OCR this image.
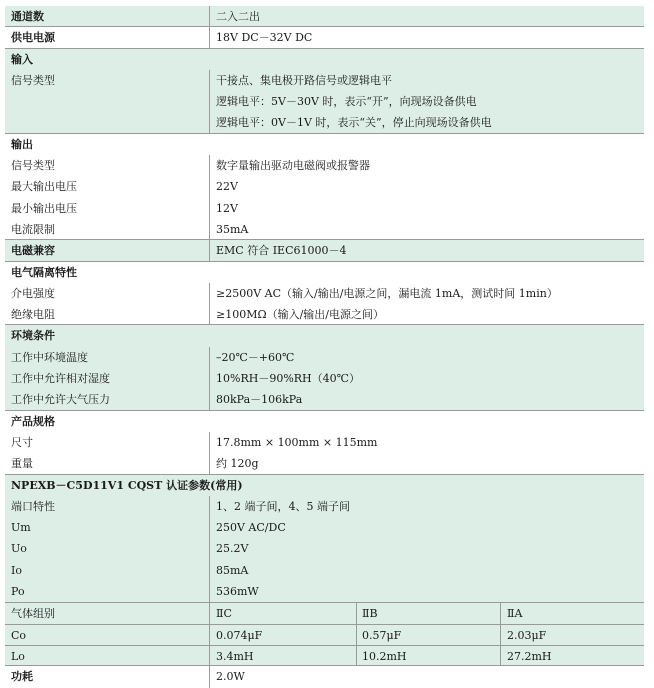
通道数	二入二出
供电电源	18V DC－32V DC
输入
信号类型	干接点、集电极开路信号或逻辑电平
逻辑电平：5V－30V 时，表示“开”，向现场设备供电
逻辑电平：0V－1V 时，表示“关”，停止向现场设备供电
输出
信号类型	数字量输出驱动电磁阀或报警器
最大输出电压	22V
最小输出电压	12V
电流限制	35mA
电磁兼容	EMC 符合 IEC61000－4
电气隔离特性
介电强度	≥2500V AC（输入/输出/电源之间，漏电流 1mA，测试时间 1min）
绝缘电阻	≥100MΩ（输入/输出/电源之间）
环境条件
工作中环境温度	–20℃－+60℃
工作中允许相对湿度	10%RH－90%RH（40℃）
工作中允许大气压力	80kPa－106kPa
产品规格
尺寸	17.8mm × 100mm × 115mm
重量	约 120g
NPEXB－C5D11V1 CQST 认证参数(常用)
端口特性	1、2 端子间，4、5 端子间
Um	250V AC/DC
Uo	25.2V
Io	85mA
Po	536mW
气体组别	ⅡC	ⅡB	ⅡA
Co	0.074μF	0.57μF	2.03μF
Lo	3.4mH	10.2mH	27.2mH
功耗	2.0W
